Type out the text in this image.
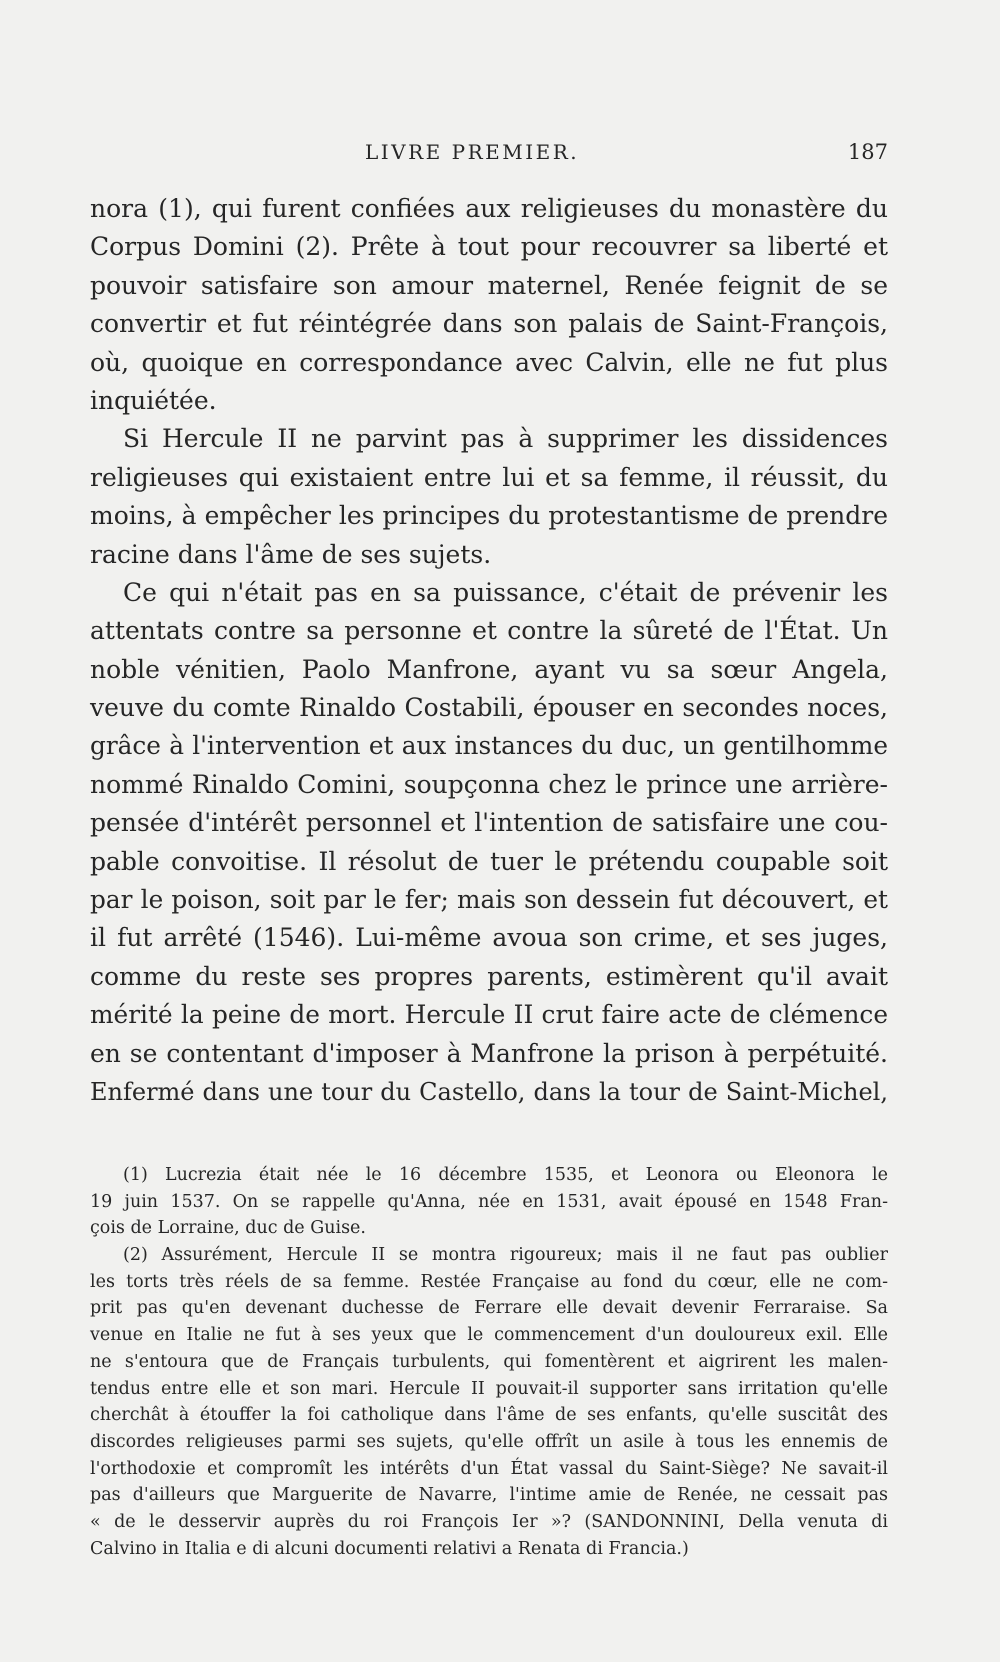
LIVRE PREMIER.	187
nora (1), qui furent confiées aux religieuses du monastère du
Corpus Domini (2). Prête à tout pour recouvrer sa liberté et
pouvoir satisfaire son amour maternel, Renée feignit de se
convertir et fut réintégrée dans son palais de Saint-François,
où, quoique en correspondance avec Calvin, elle ne fut plus
inquiétée.
Si Hercule II ne parvint pas à supprimer les dissidences
religieuses qui existaient entre lui et sa femme, il réussit, du
moins, à empêcher les principes du protestantisme de prendre
racine dans l'âme de ses sujets.
Ce qui n'était pas en sa puissance, c'était de prévenir les
attentats contre sa personne et contre la sûreté de l'État. Un
noble vénitien, Paolo Manfrone, ayant vu sa sœur Angela,
veuve du comte Rinaldo Costabili, épouser en secondes noces,
grâce à l'intervention et aux instances du duc, un gentilhomme
nommé Rinaldo Comini, soupçonna chez le prince une arrière-
pensée d'intérêt personnel et l'intention de satisfaire une cou-
pable convoitise. Il résolut de tuer le prétendu coupable soit
par le poison, soit par le fer; mais son dessein fut découvert, et
il fut arrêté (1546). Lui-même avoua son crime, et ses juges,
comme du reste ses propres parents, estimèrent qu'il avait
mérité la peine de mort. Hercule II crut faire acte de clémence
en se contentant d'imposer à Manfrone la prison à perpétuité.
Enfermé dans une tour du Castello, dans la tour de Saint-Michel,
(1) Lucrezia était née le 16 décembre 1535, et Leonora ou Eleonora le
19 juin 1537. On se rappelle qu'Anna, née en 1531, avait épousé en 1548 Fran-
çois de Lorraine, duc de Guise.
(2) Assurément, Hercule II se montra rigoureux; mais il ne faut pas oublier
les torts très réels de sa femme. Restée Française au fond du cœur, elle ne com-
prit pas qu'en devenant duchesse de Ferrare elle devait devenir Ferraraise. Sa
venue en Italie ne fut à ses yeux que le commencement d'un douloureux exil. Elle
ne s'entoura que de Français turbulents, qui fomentèrent et aigrirent les malen-
tendus entre elle et son mari. Hercule II pouvait-il supporter sans irritation qu'elle
cherchât à étouffer la foi catholique dans l'âme de ses enfants, qu'elle suscitât des
discordes religieuses parmi ses sujets, qu'elle offrît un asile à tous les ennemis de
l'orthodoxie et compromît les intérêts d'un État vassal du Saint-Siège? Ne savait-il
pas d'ailleurs que Marguerite de Navarre, l'intime amie de Renée, ne cessait pas
« de le desservir auprès du roi François Ier »? (SANDONNINI, Della venuta di
Calvino in Italia e di alcuni documenti relativi a Renata di Francia.)
